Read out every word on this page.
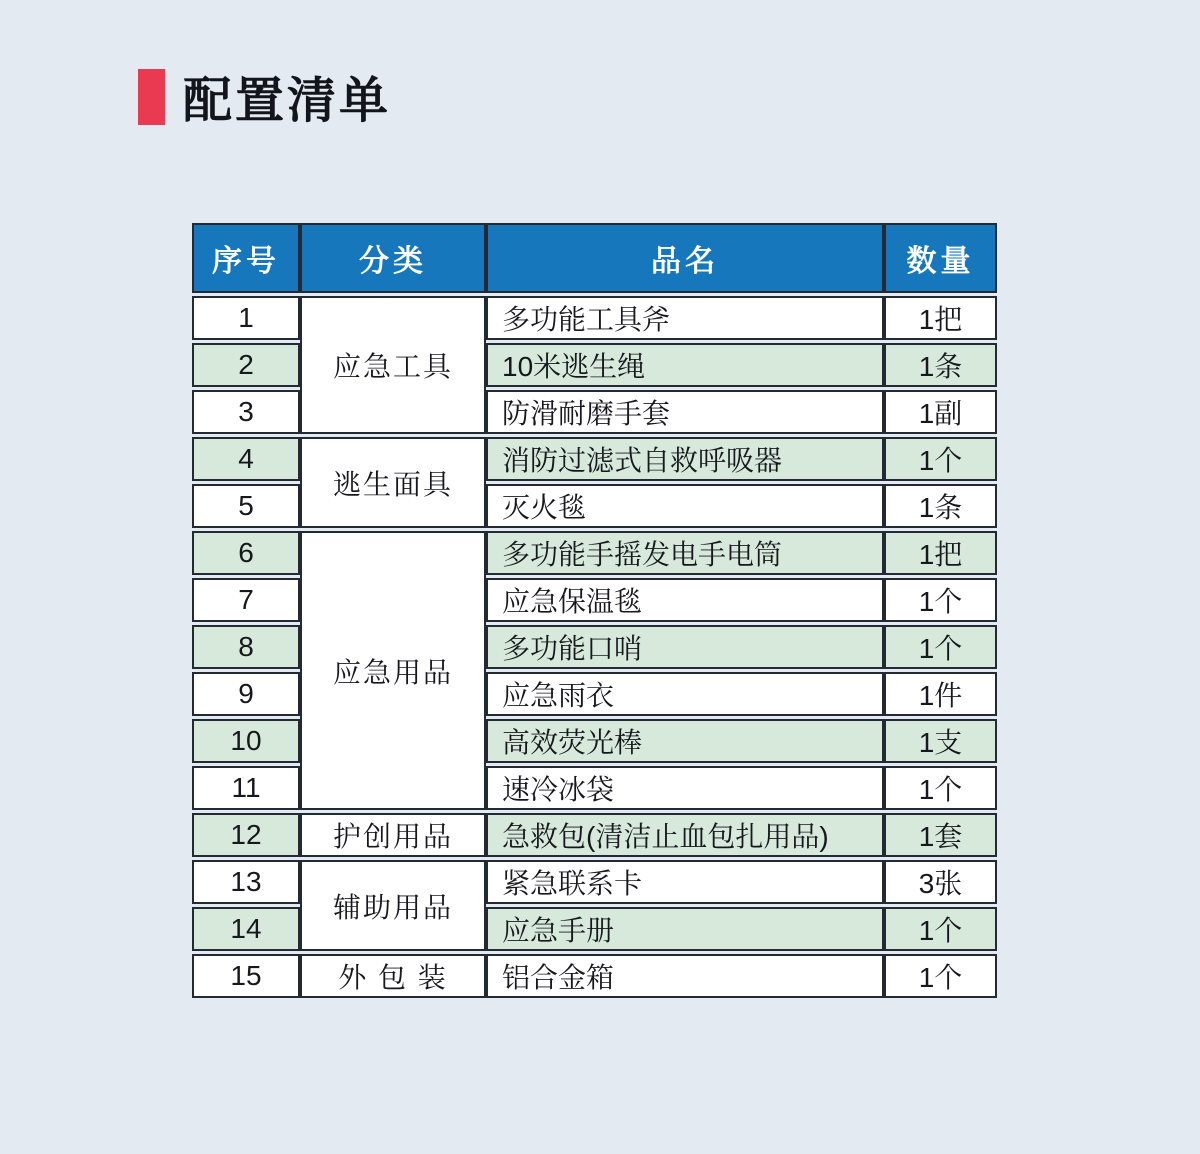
配置清单
序号	分类	品名	数量
1	应急工具	多功能工具斧	1把
2		10米逃生绳	1条
3		防滑耐磨手套	1副
4	逃生面具	消防过滤式自救呼吸器	1个
5		灭火毯	1条
6	应急用品	多功能手摇发电手电筒	1把
7		应急保温毯	1个
8		多功能口哨	1个
9		应急雨衣	1件
10		高效荧光棒	1支
11		速冷冰袋	1个
12	护创用品	急救包(清洁止血包扎用品)	1套
13	辅助用品	紧急联系卡	3张
14		应急手册	1个
15	外 包 装	铝合金箱	1个
